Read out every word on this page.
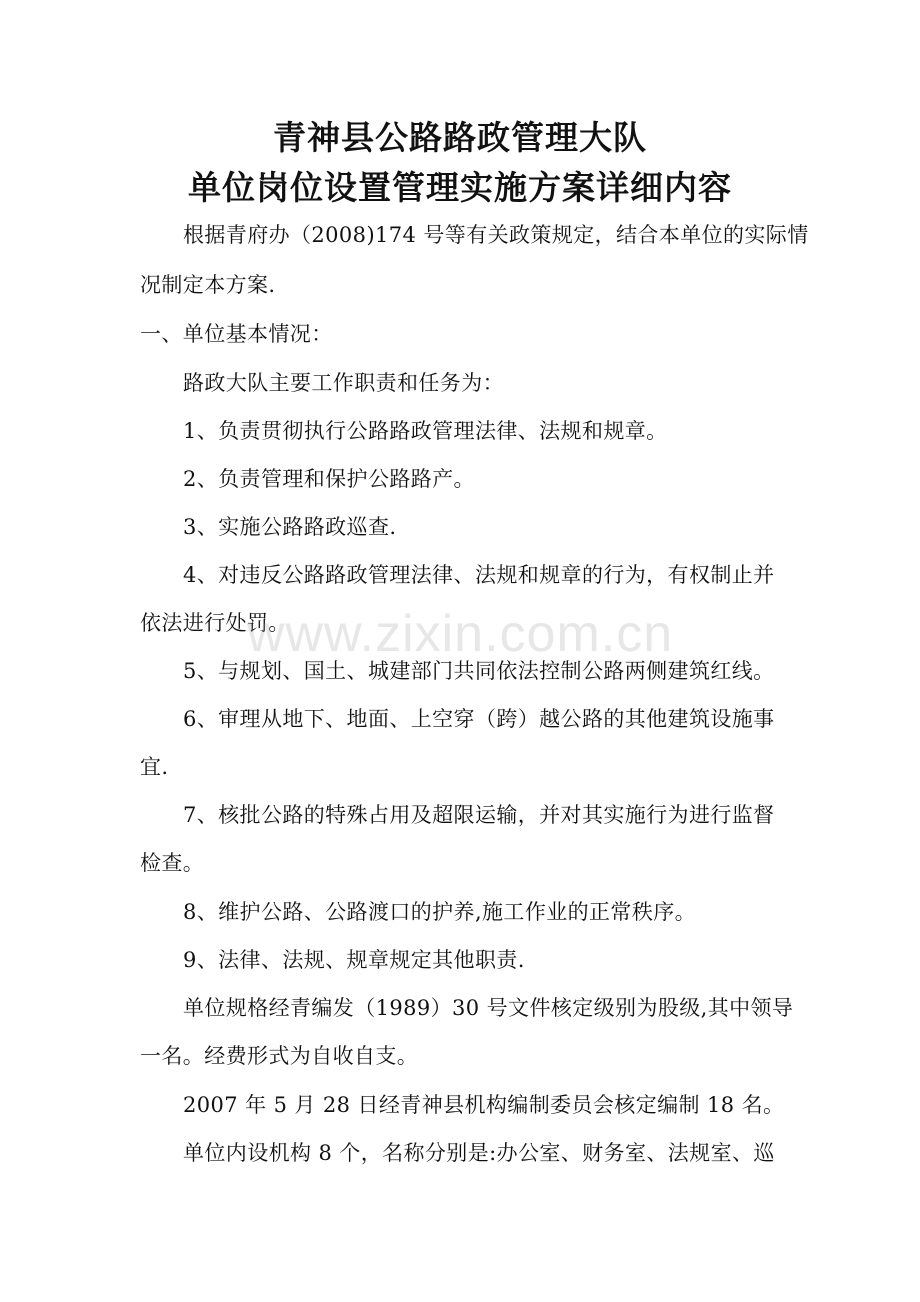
青神县公路路政管理大队
单位岗位设置管理实施方案详细内容
根据青府办（2008)174 号等有关政策规定，结合本单位的实际情
况制定本方案.
一、单位基本情况：
路政大队主要工作职责和任务为：
1、负责贯彻执行公路路政管理法律、法规和规章。
2、负责管理和保护公路路产。
3、实施公路路政巡查.
4、对违反公路路政管理法律、法规和规章的行为，有权制止并
依法进行处罚。
5、与规划、国土、城建部门共同依法控制公路两侧建筑红线。
6、审理从地下、地面、上空穿（跨）越公路的其他建筑设施事
宜.
7、核批公路的特殊占用及超限运输，并对其实施行为进行监督
检查。
8、维护公路、公路渡口的护养,施工作业的正常秩序。
9、法律、法规、规章规定其他职责.
单位规格经青编发（1989）30 号文件核定级别为股级,其中领导
一名。经费形式为自收自支。
2007 年 5 月 28 日经青神县机构编制委员会核定编制 18 名。
单位内设机构 8 个，名称分别是:办公室、财务室、法规室、巡
www.zixin.com.cn
